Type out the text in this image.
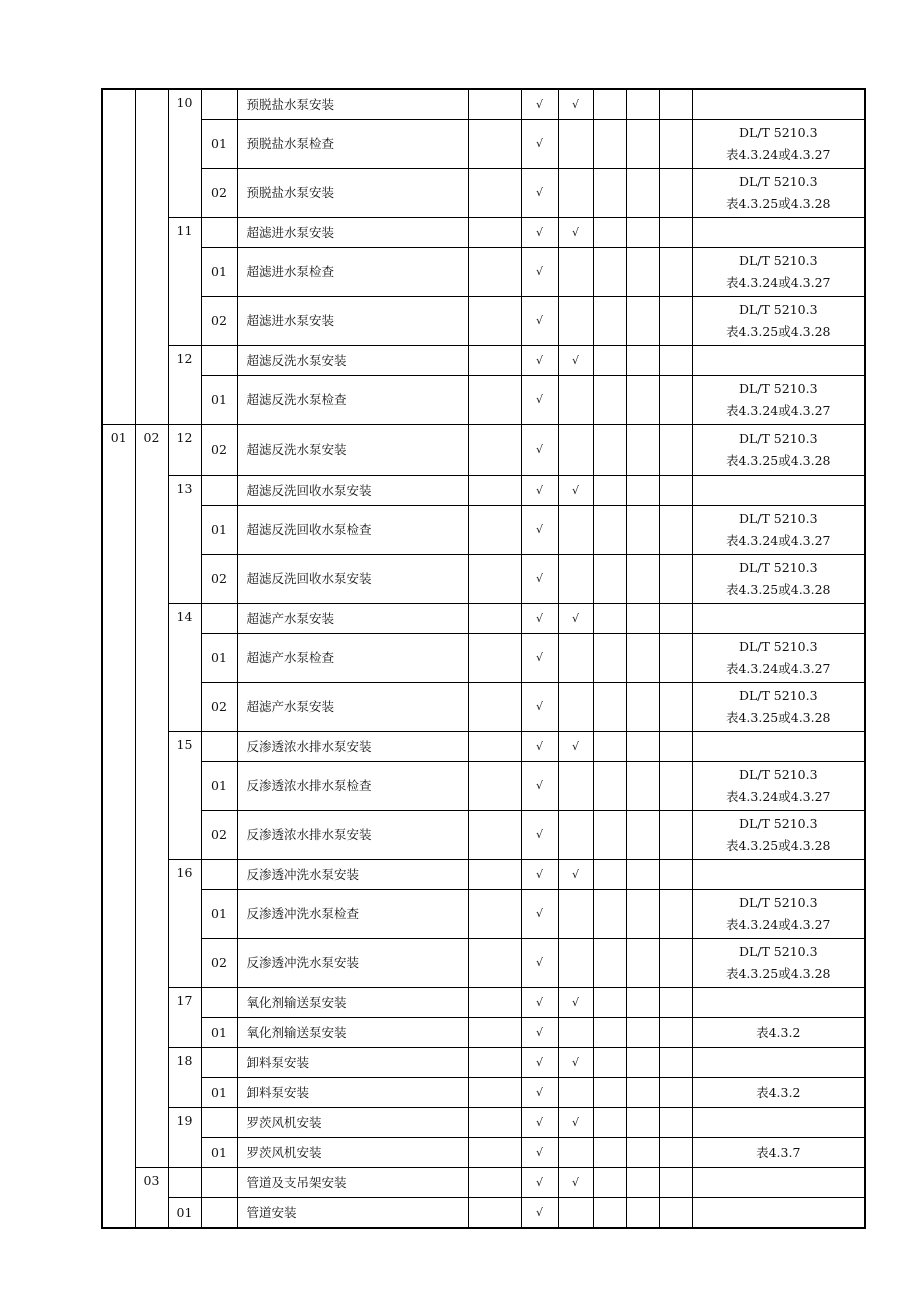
		10		预脱盐水泵安装		√	√				
			01	预脱盐水泵检查		√					DL/T 5210.3
表4.3.24或4.3.27

			02	预脱盐水泵安装		√					DL/T 5210.3
表4.3.25或4.3.28

		11		超滤进水泵安装		√	√				
			01	超滤进水泵检查		√					DL/T 5210.3
表4.3.24或4.3.27

			02	超滤进水泵安装		√					DL/T 5210.3
表4.3.25或4.3.28

		12		超滤反洗水泵安装		√	√				
			01	超滤反洗水泵检查		√					DL/T 5210.3
表4.3.24或4.3.27

01	02	12	02	超滤反洗水泵安装		√					DL/T 5210.3
表4.3.25或4.3.28

		13		超滤反洗回收水泵安装		√	√				
			01	超滤反洗回收水泵检查		√					DL/T 5210.3
表4.3.24或4.3.27

			02	超滤反洗回收水泵安装		√					DL/T 5210.3
表4.3.25或4.3.28

		14		超滤产水泵安装		√	√				
			01	超滤产水泵检查		√					DL/T 5210.3
表4.3.24或4.3.27

			02	超滤产水泵安装		√					DL/T 5210.3
表4.3.25或4.3.28

		15		反渗透浓水排水泵安装		√	√				
			01	反渗透浓水排水泵检查		√					DL/T 5210.3
表4.3.24或4.3.27

			02	反渗透浓水排水泵安装		√					DL/T 5210.3
表4.3.25或4.3.28

		16		反渗透冲洗水泵安装		√	√				
			01	反渗透冲洗水泵检查		√					DL/T 5210.3
表4.3.24或4.3.27

			02	反渗透冲洗水泵安装		√					DL/T 5210.3
表4.3.25或4.3.28

		17		氧化剂输送泵安装		√	√				
			01	氧化剂输送泵安装		√					表4.3.2
		18		卸料泵安装		√	√				
			01	卸料泵安装		√					表4.3.2
		19		罗茨风机安装		√	√				
			01	罗茨风机安装		√					表4.3.7
	03			管道及支吊架安装		√	√				
		01		管道安装		√					
